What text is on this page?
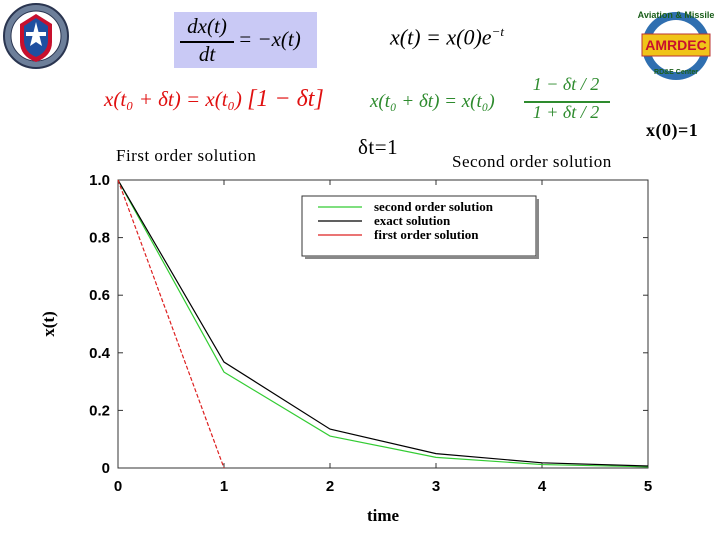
Aviation & Missile
AMRDEC
RD&E Center
dx(t)
dt
= −x(t)	$x(t) = x(0)e^{-t}$
x(t₀ + δt) = x(t₀) [1 − δt] x(t₀ + δt) = x(t₀)
1 − δt / 2
1 + δt / 2
First order solution	δt=1
Second order solution
x(0)=1
0	1	2	3	4	5
0
0.2
0.4
0.6
0.8
1.0
second order solution
exact solution
first order solution
time
x(t)
